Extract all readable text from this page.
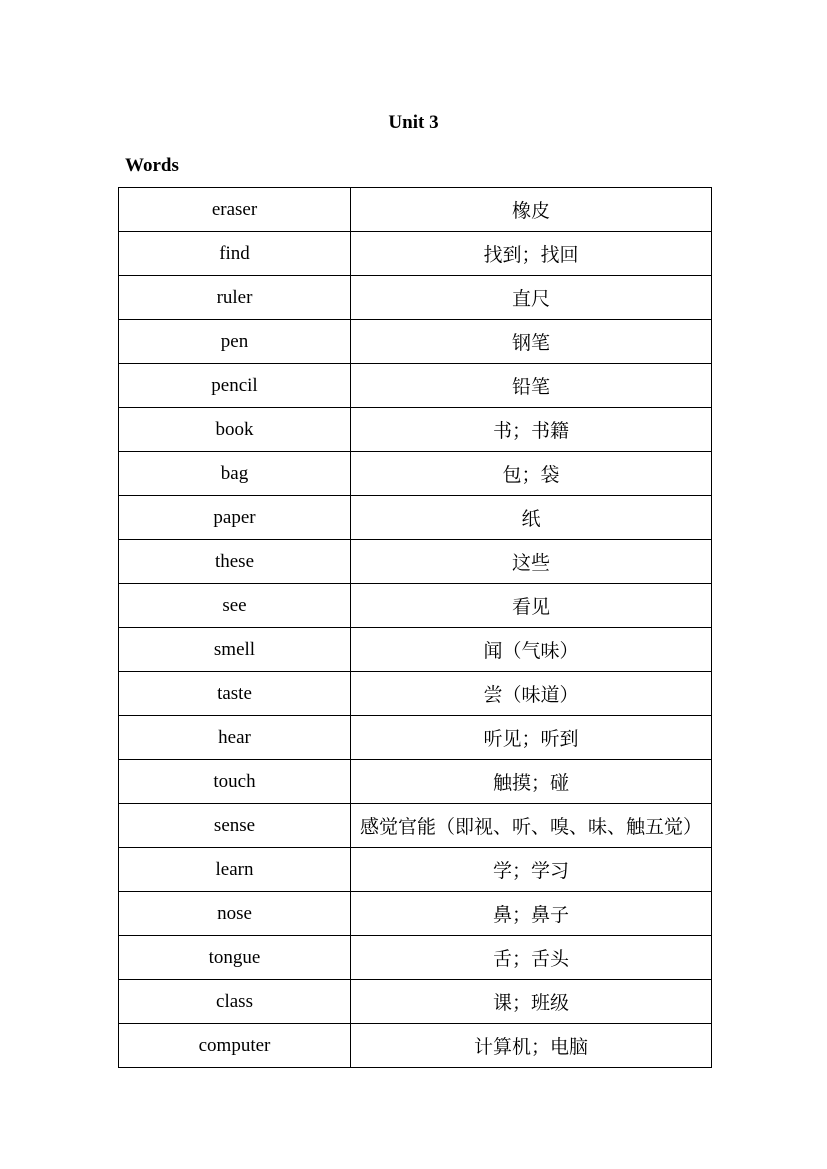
Unit 3
Words
eraser	橡皮
find	找到；找回
ruler	直尺
pen	钢笔
pencil	铅笔
book	书；书籍
bag	包；袋
paper	纸
these	这些
see	看见
smell	闻（气味）
taste	尝（味道）
hear	听见；听到
touch	触摸；碰
sense	感觉官能（即视、听、嗅、味、触五觉）
learn	学；学习
nose	鼻；鼻子
tongue	舌；舌头
class	课；班级
computer	计算机；电脑
